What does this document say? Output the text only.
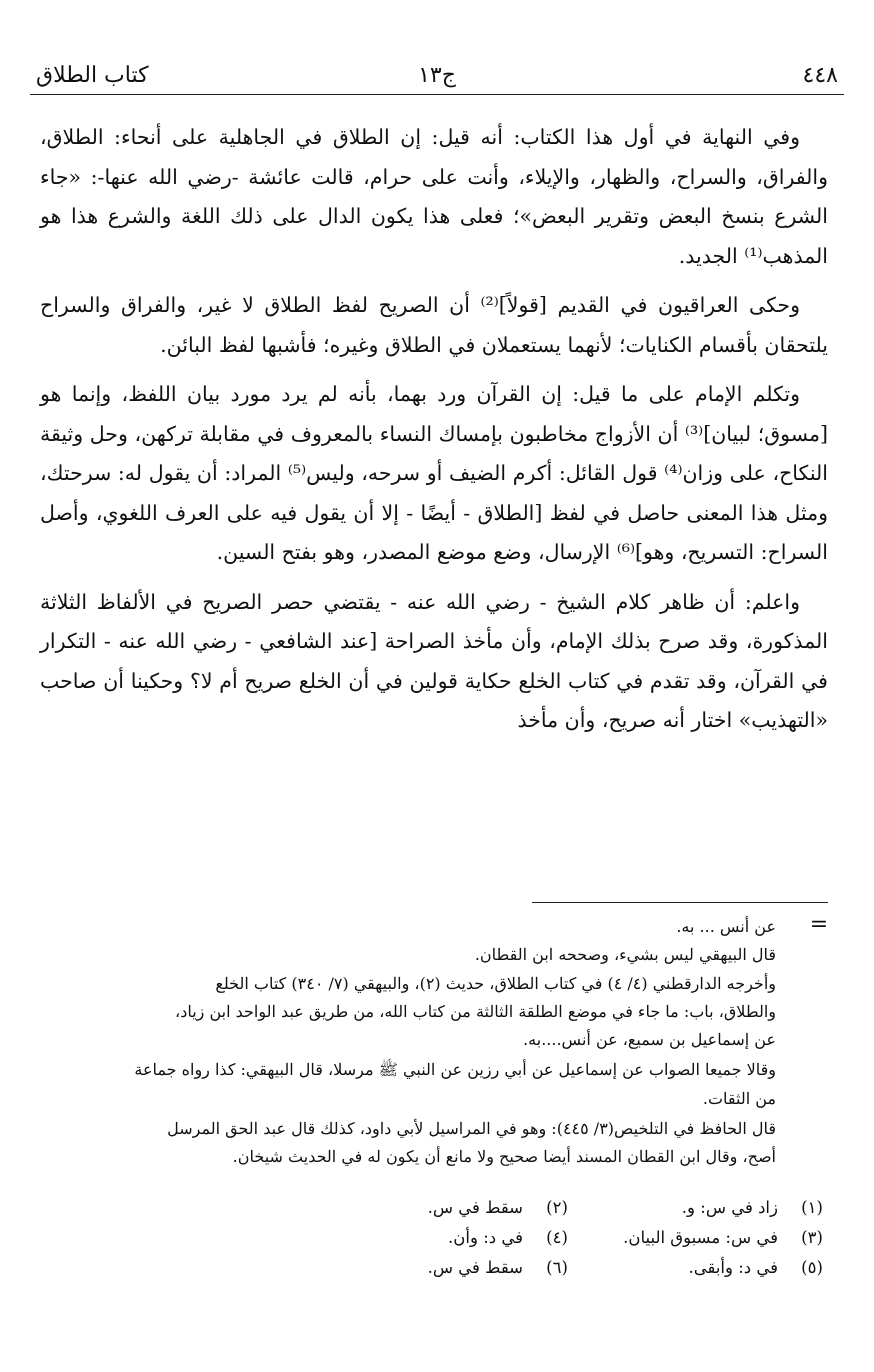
٤٤٨
ج١٣
كتاب الطلاق

وفي النهاية في أول هذا الكتاب: أنه قيل: إن الطلاق في الجاهلية على أنحاء: الطلاق، والفراق، والسراح، والظهار، والإيلاء، وأنت على حرام، قالت عائشة -رضي الله عنها-: «جاء الشرع بنسخ البعض وتقرير البعض»؛ فعلى هذا يكون الدال على ذلك اللغة والشرع هذا هو المذهب⁽¹⁾ الجديد.

وحكى العراقيون في القديم [قولاً]⁽²⁾ أن الصريح لفظ الطلاق لا غير، والفراق والسراح يلتحقان بأقسام الكنايات؛ لأنهما يستعملان في الطلاق وغيره؛ فأشبها لفظ البائن.

وتكلم الإمام على ما قيل: إن القرآن ورد بهما، بأنه لم يرد مورد بيان اللفظ، وإنما هو [مسوق؛ لبيان]⁽³⁾ أن الأزواج مخاطبون بإمساك النساء بالمعروف في مقابلة تركهن، وحل وثيقة النكاح، على وزان⁽⁴⁾ قول القائل: أكرم الضيف أو سرحه، وليس⁽⁵⁾ المراد: أن يقول له: سرحتك، ومثل هذا المعنى حاصل في لفظ [الطلاق - أيضًا - إلا أن يقول فيه على العرف اللغوي، وأصل السراح: التسريح، وهو]⁽⁶⁾ الإرسال، وضع موضع المصدر، وهو بفتح السين.

واعلم: أن ظاهر كلام الشيخ - رضي الله عنه - يقتضي حصر الصريح في الألفاظ الثلاثة المذكورة، وقد صرح بذلك الإمام، وأن مأخذ الصراحة [عند الشافعي - رضي الله عنه - التكرار في القرآن، وقد تقدم في كتاب الخلع حكاية قولين في أن الخلع صريح أم لا؟ وحكينا أن صاحب «التهذيب» اختار أنه صريح، وأن مأخذ

=

عن أنس ... به.

قال البيهقي ليس بشيء، وصححه ابن القطان.

وأخرجه الدارقطني (٤/ ٤) في كتاب الطلاق، حديث (٢)، والبيهقي (٧/ ٣٤٠) كتاب الخلع

والطلاق، باب: ما جاء في موضع الطلقة الثالثة من كتاب الله، من طريق عبد الواحد ابن زياد،

عن إسماعيل بن سميع، عن أنس....به.

وقالا جميعا الصواب عن إسماعيل عن أبي رزين عن النبي ﷺ مرسلا، قال البيهقي: كذا رواه جماعة

من الثقات.

قال الحافظ في التلخيص(٣/ ٤٤٥): وهو في المراسيل لأبي داود، كذلك قال عبد الحق المرسل

أصح، وقال ابن القطان المسند أيضا صحيح ولا مانع أن يكون له في الحديث شيخان.

(١)
زاد في س: و.
(٢)
سقط في س.
(٣)
في س: مسبوق البيان.
(٤)
في د: وأن.
(٥)
في د: وأبقى.
(٦)
سقط في س.
